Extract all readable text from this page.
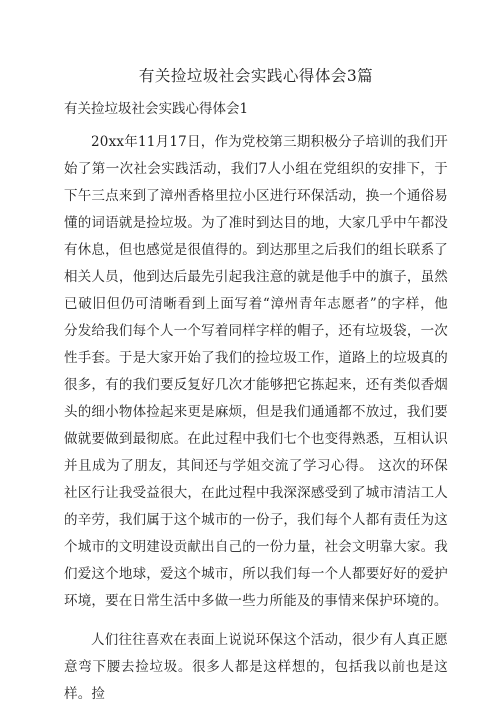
有关捡垃圾社会实践心得体会3篇
有关捡垃圾社会实践心得体会1

20xx年11月17日，作为党校第三期积极分子培训的我们开始了第一次社会实践活动，我们7人小组在党组织的安排下，于下午三点来到了漳州香格里拉小区进行环保活动，换一个通俗易懂的词语就是捡垃圾。为了准时到达目的地，大家几乎中午都没有休息，但也感觉是很值得的。到达那里之后我们的组长联系了相关人员，他到达后最先引起我注意的就是他手中的旗子，虽然已破旧但仍可清晰看到上面写着“漳州青年志愿者”的字样，他分发给我们每个人一个写着同样字样的帽子，还有垃圾袋，一次性手套。于是大家开始了我们的捡垃圾工作，道路上的垃圾真的很多，有的我们要反复好几次才能够把它拣起来，还有类似香烟头的细小物体捡起来更是麻烦，但是我们通通都不放过，我们要做就要做到最彻底。在此过程中我们七个也变得熟悉，互相认识并且成为了朋友，其间还与学姐交流了学习心得。 这次的环保社区行让我受益很大，在此过程中我深深感受到了城市清洁工人的辛劳，我们属于这个城市的一份子，我们每个人都有责任为这个城市的文明建设贡献出自己的一份力量，社会文明靠大家。我们爱这个地球，爱这个城市，所以我们每一个人都要好好的爱护环境，要在日常生活中多做一些力所能及的事情来保护环境的。

人们往往喜欢在表面上说说环保这个活动，很少有人真正愿意弯下腰去捡垃圾。很多人都是这样想的，包括我以前也是这样。捡
